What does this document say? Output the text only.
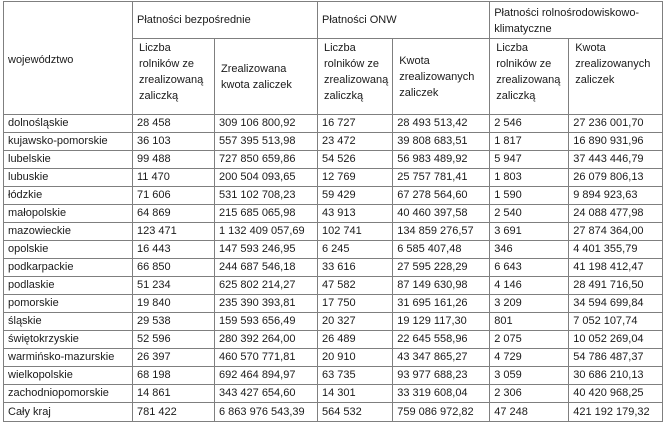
województwo	Płatności bezpośrednie		Płatności ONW		Płatności rolnośrodowiskowo-klimatyczne	
	Liczba rolników ze zrealizowaną zaliczką	Zrealizowana kwota zaliczek	Liczba rolników ze zrealizowaną zaliczką	Kwota zrealizowanych zaliczek	Liczba rolników ze zrealizowaną zaliczką	Kwota zrealizowanych zaliczek
dolnośląskie	28 458	309 106 800,92	16 727	28 493 513,42	2 546	27 236 001,70
kujawsko-pomorskie	36 103	557 395 513,98	23 472	39 808 683,51	1 817	16 890 931,96
lubelskie	99 488	727 850 659,86	54 526	56 983 489,92	5 947	37 443 446,79
lubuskie	11 470	200 504 093,65	12 769	25 757 781,41	1 803	26 079 806,13
łódzkie	71 606	531 102 708,23	59 429	67 278 564,60	1 590	9 894 923,63
małopolskie	64 869	215 685 065,98	43 913	40 460 397,58	2 540	24 088 477,98
mazowieckie	123 471	1 132 409 057,69	102 741	134 859 276,57	3 691	27 874 364,00
opolskie	16 443	147 593 246,95	6 245	6 585 407,48	346	4 401 355,79
podkarpackie	66 850	244 687 546,18	33 616	27 595 228,29	6 643	41 198 412,47
podlaskie	51 234	625 802 214,27	47 582	87 149 630,98	4 146	28 491 716,50
pomorskie	19 840	235 390 393,81	17 750	31 695 161,26	3 209	34 594 699,84
śląskie	29 538	159 593 656,49	20 327	19 129 117,30	801	7 052 107,74
świętokrzyskie	52 596	280 392 264,00	26 489	22 645 558,96	2 075	10 052 269,04
warmińsko-mazurskie	26 397	460 570 771,81	20 910	43 347 865,27	4 729	54 786 487,37
wielkopolskie	68 198	692 464 894,97	63 735	93 977 688,23	3 059	30 686 210,13
zachodniopomorskie	14 861	343 427 654,60	14 301	33 319 608,04	2 306	40 420 968,25
Cały kraj	781 422	6 863 976 543,39	564 532	759 086 972,82	47 248	421 192 179,32
